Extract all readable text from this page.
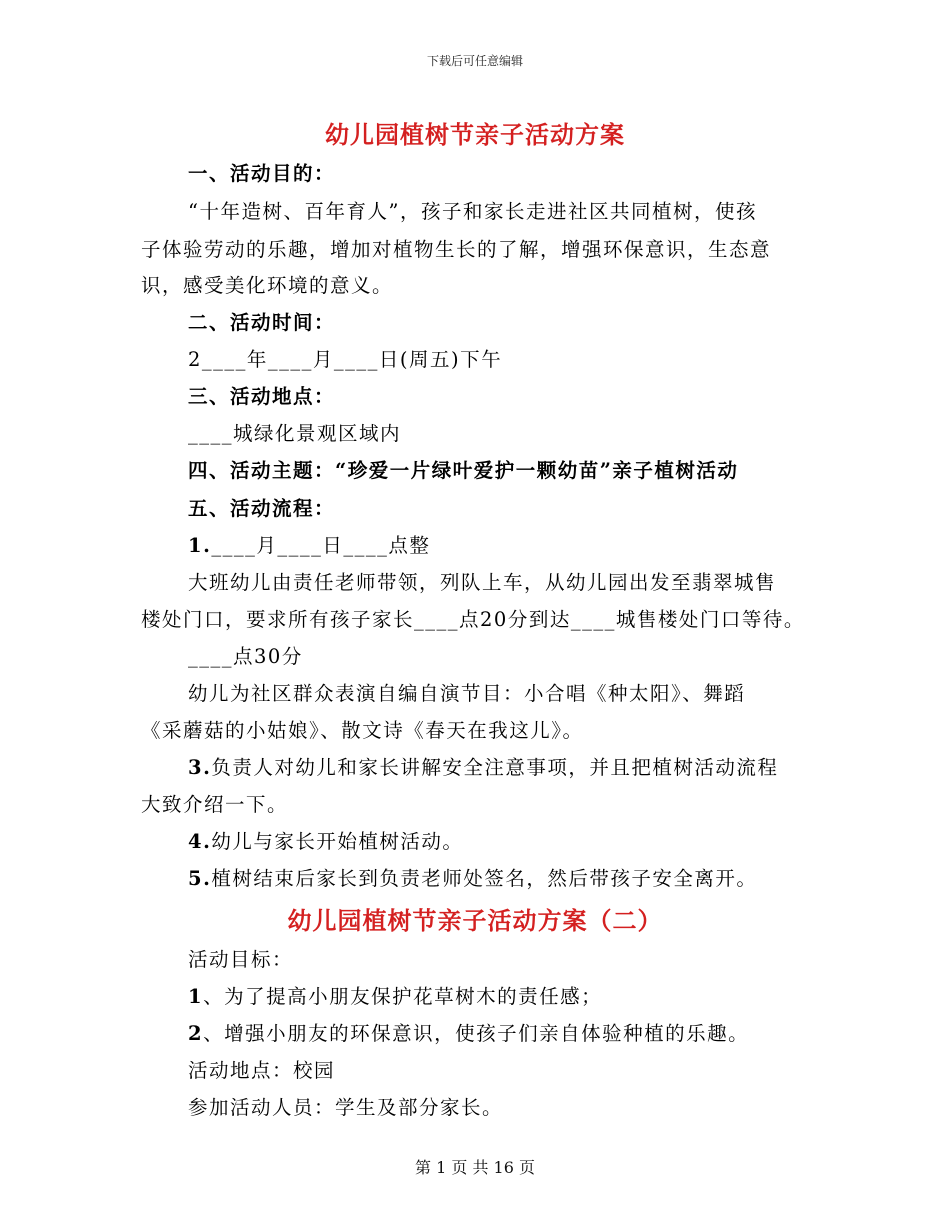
下载后可任意编辑
幼儿园植树节亲子活动方案
一、活动目的：
“十年造树、百年育人”，孩子和家长走进社区共同植树，使孩
子体验劳动的乐趣，增加对植物生长的了解，增强环保意识，生态意
识，感受美化环境的意义。
二、活动时间：
2____年____月____日(周五)下午
三、活动地点：
____城绿化景观区域内
四、活动主题：“珍爱一片绿叶爱护一颗幼苗”亲子植树活动
五、活动流程：
1.____月____日____点整
大班幼儿由责任老师带领，列队上车，从幼儿园出发至翡翠城售
楼处门口，要求所有孩子家长____点20分到达____城售楼处门口等待。
____点30分
幼儿为社区群众表演自编自演节目：小合唱《种太阳》、舞蹈
《采蘑菇的小姑娘》、散文诗《春天在我这儿》。
3.负责人对幼儿和家长讲解安全注意事项，并且把植树活动流程
大致介绍一下。
4.幼儿与家长开始植树活动。
5.植树结束后家长到负责老师处签名，然后带孩子安全离开。
幼儿园植树节亲子活动方案（二）
活动目标：
1、为了提高小朋友保护花草树木的责任感；
2、增强小朋友的环保意识，使孩子们亲自体验种植的乐趣。
活动地点：校园
参加活动人员：学生及部分家长。
第 1 页 共 16 页
